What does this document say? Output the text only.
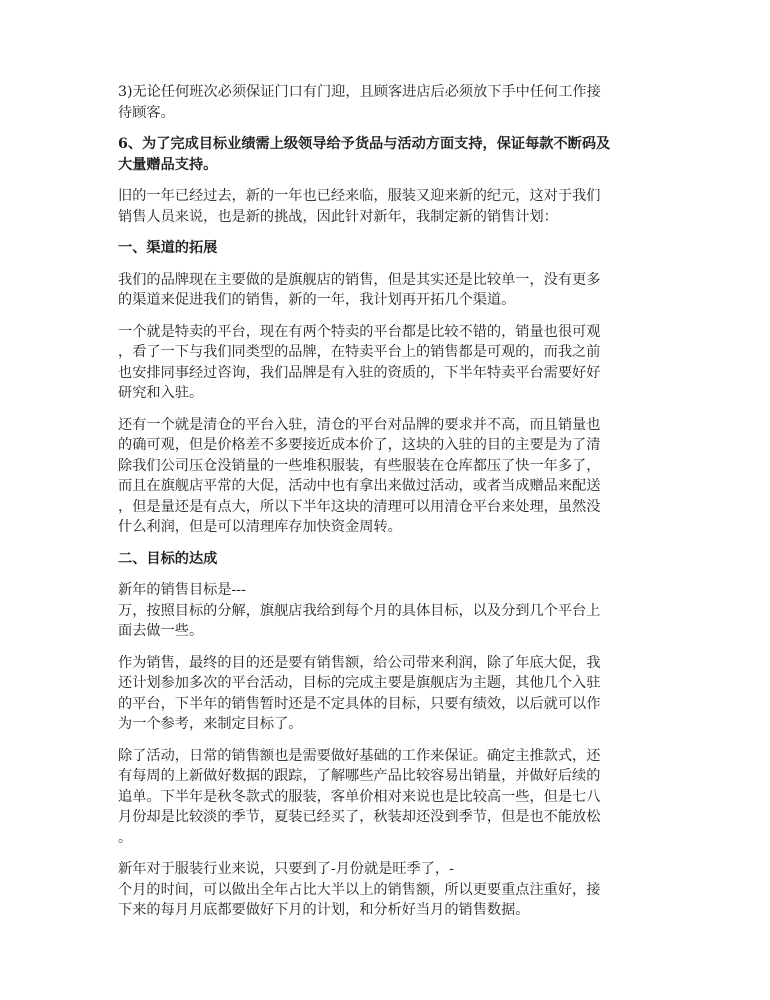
3)无论任何班次必须保证门口有门迎，且顾客进店后必须放下手中任何工作接
待顾客。

6、为了完成目标业绩需上级领导给予货品与活动方面支持，保证每款不断码及
大量赠品支持。

旧的一年已经过去，新的一年也已经来临，服装又迎来新的纪元，这对于我们
销售人员来说，也是新的挑战，因此针对新年，我制定新的销售计划：

一、渠道的拓展

我们的品牌现在主要做的是旗舰店的销售，但是其实还是比较单一，没有更多
的渠道来促进我们的销售，新的一年，我计划再开拓几个渠道。

一个就是特卖的平台，现在有两个特卖的平台都是比较不错的，销量也很可观
，看了一下与我们同类型的品牌，在特卖平台上的销售都是可观的，而我之前
也安排同事经过咨询，我们品牌是有入驻的资质的，下半年特卖平台需要好好
研究和入驻。

还有一个就是清仓的平台入驻，清仓的平台对品牌的要求并不高，而且销量也
的确可观，但是价格差不多要接近成本价了，这块的入驻的目的主要是为了清
除我们公司压仓没销量的一些堆积服装，有些服装在仓库都压了快一年多了，
而且在旗舰店平常的大促，活动中也有拿出来做过活动，或者当成赠品来配送
，但是量还是有点大，所以下半年这块的清理可以用清仓平台来处理，虽然没
什么利润，但是可以清理库存加快资金周转。

二、目标的达成

新年的销售目标是---
万，按照目标的分解，旗舰店我给到每个月的具体目标，以及分到几个平台上
面去做一些。

作为销售，最终的目的还是要有销售额，给公司带来利润，除了年底大促，我
还计划参加多次的平台活动，目标的完成主要是旗舰店为主题，其他几个入驻
的平台，下半年的销售暂时还是不定具体的目标，只要有绩效，以后就可以作
为一个参考，来制定目标了。

除了活动，日常的销售额也是需要做好基础的工作来保证。确定主推款式，还
有每周的上新做好数据的跟踪，了解哪些产品比较容易出销量，并做好后续的
追单。下半年是秋冬款式的服装，客单价相对来说也是比较高一些，但是七八
月份却是比较淡的季节，夏装已经买了，秋装却还没到季节，但是也不能放松
。

新年对于服装行业来说，只要到了-月份就是旺季了，-
个月的时间，可以做出全年占比大半以上的销售额，所以更要重点注重好，接
下来的每月月底都要做好下月的计划，和分析好当月的销售数据。
